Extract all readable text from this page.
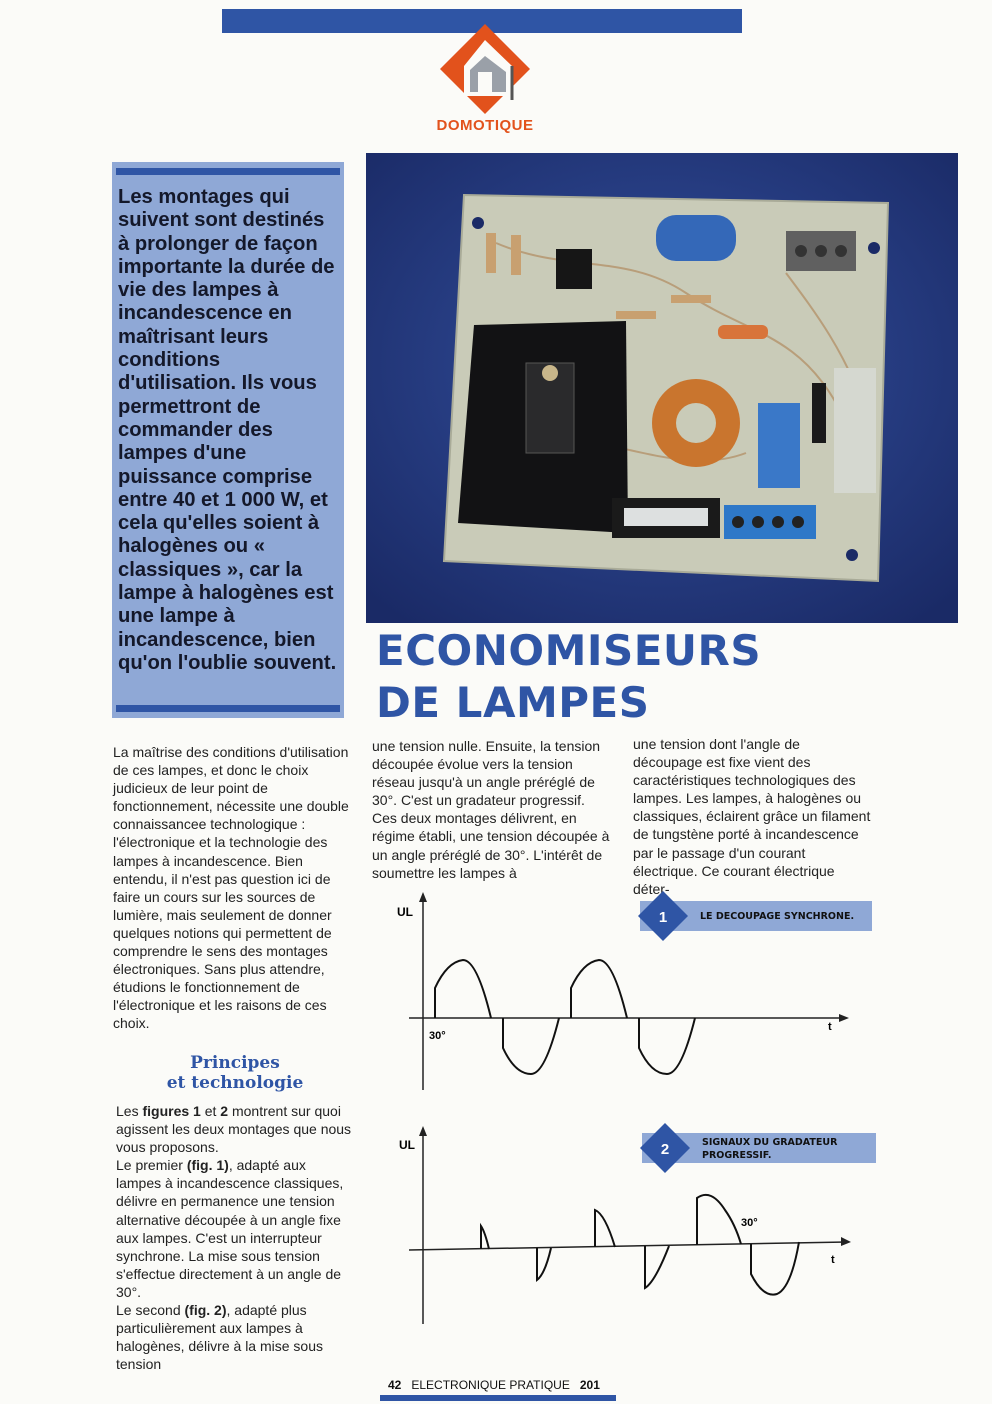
DOMOTIQUE
Les montages qui suivent sont destinés à prolonger de façon importante la durée de vie des lampes à incandescence en maîtrisant leurs conditions d'utilisation. Ils vous permettront de commander des lampes d'une puissance comprise entre 40 et 1 000 W, et cela qu'elles soient à halogènes ou « classiques », car la lampe à halogènes est une lampe à incandescence, bien qu'on l'oublie souvent. ECONOMISEURS
DE LAMPES

La maîtrise des conditions d'utilisation de ces lampes, et donc le choix judicieux de leur point de fonctionnement, nécessite une double connaissancee technologique : l'électronique et la technologie des lampes à incandescence. Bien entendu, il n'est pas question ici de faire un cours sur les sources de lumière, mais seulement de donner quelques notions qui permettent de comprendre le sens des montages électroniques. Sans plus attendre, étudions le fonctionnement de l'électronique et les raisons de ces choix.

Principes
et technologie

Les figures 1 et 2 montrent sur quoi agissent les deux montages que nous vous proposons.

Le premier (fig. 1), adapté aux lampes à incandescence classiques, délivre en permanence une tension alternative découpée à un angle fixe aux lampes. C'est un interrupteur synchrone. La mise sous tension s'effectue directement à un angle de 30°.

Le second (fig. 2), adapté plus particulièrement aux lampes à halogènes, délivre à la mise sous tension

une tension nulle. Ensuite, la tension découpée évolue vers la tension réseau jusqu'à un angle préréglé de 30°. C'est un gradateur progressif. Ces deux montages délivrent, en régime établi, une tension découpée à un angle préréglé de 30°. L'intérêt de soumettre les lampes à

une tension dont l'angle de découpage est fixe vient des caractéristiques technologiques des lampes. Les lampes, à halogènes ou classiques, éclairent grâce un filament de tungstène porté à incandescence par le passage d'un courant électrique. Ce courant électrique déter-

UL
t
30°
1	LE DECOUPAGE SYNCHRONE.
UL
t
30°
2	SIGNAUX DU GRADATEUR
PROGRESSIF.
42 ELECTRONIQUE PRATIQUE 201
